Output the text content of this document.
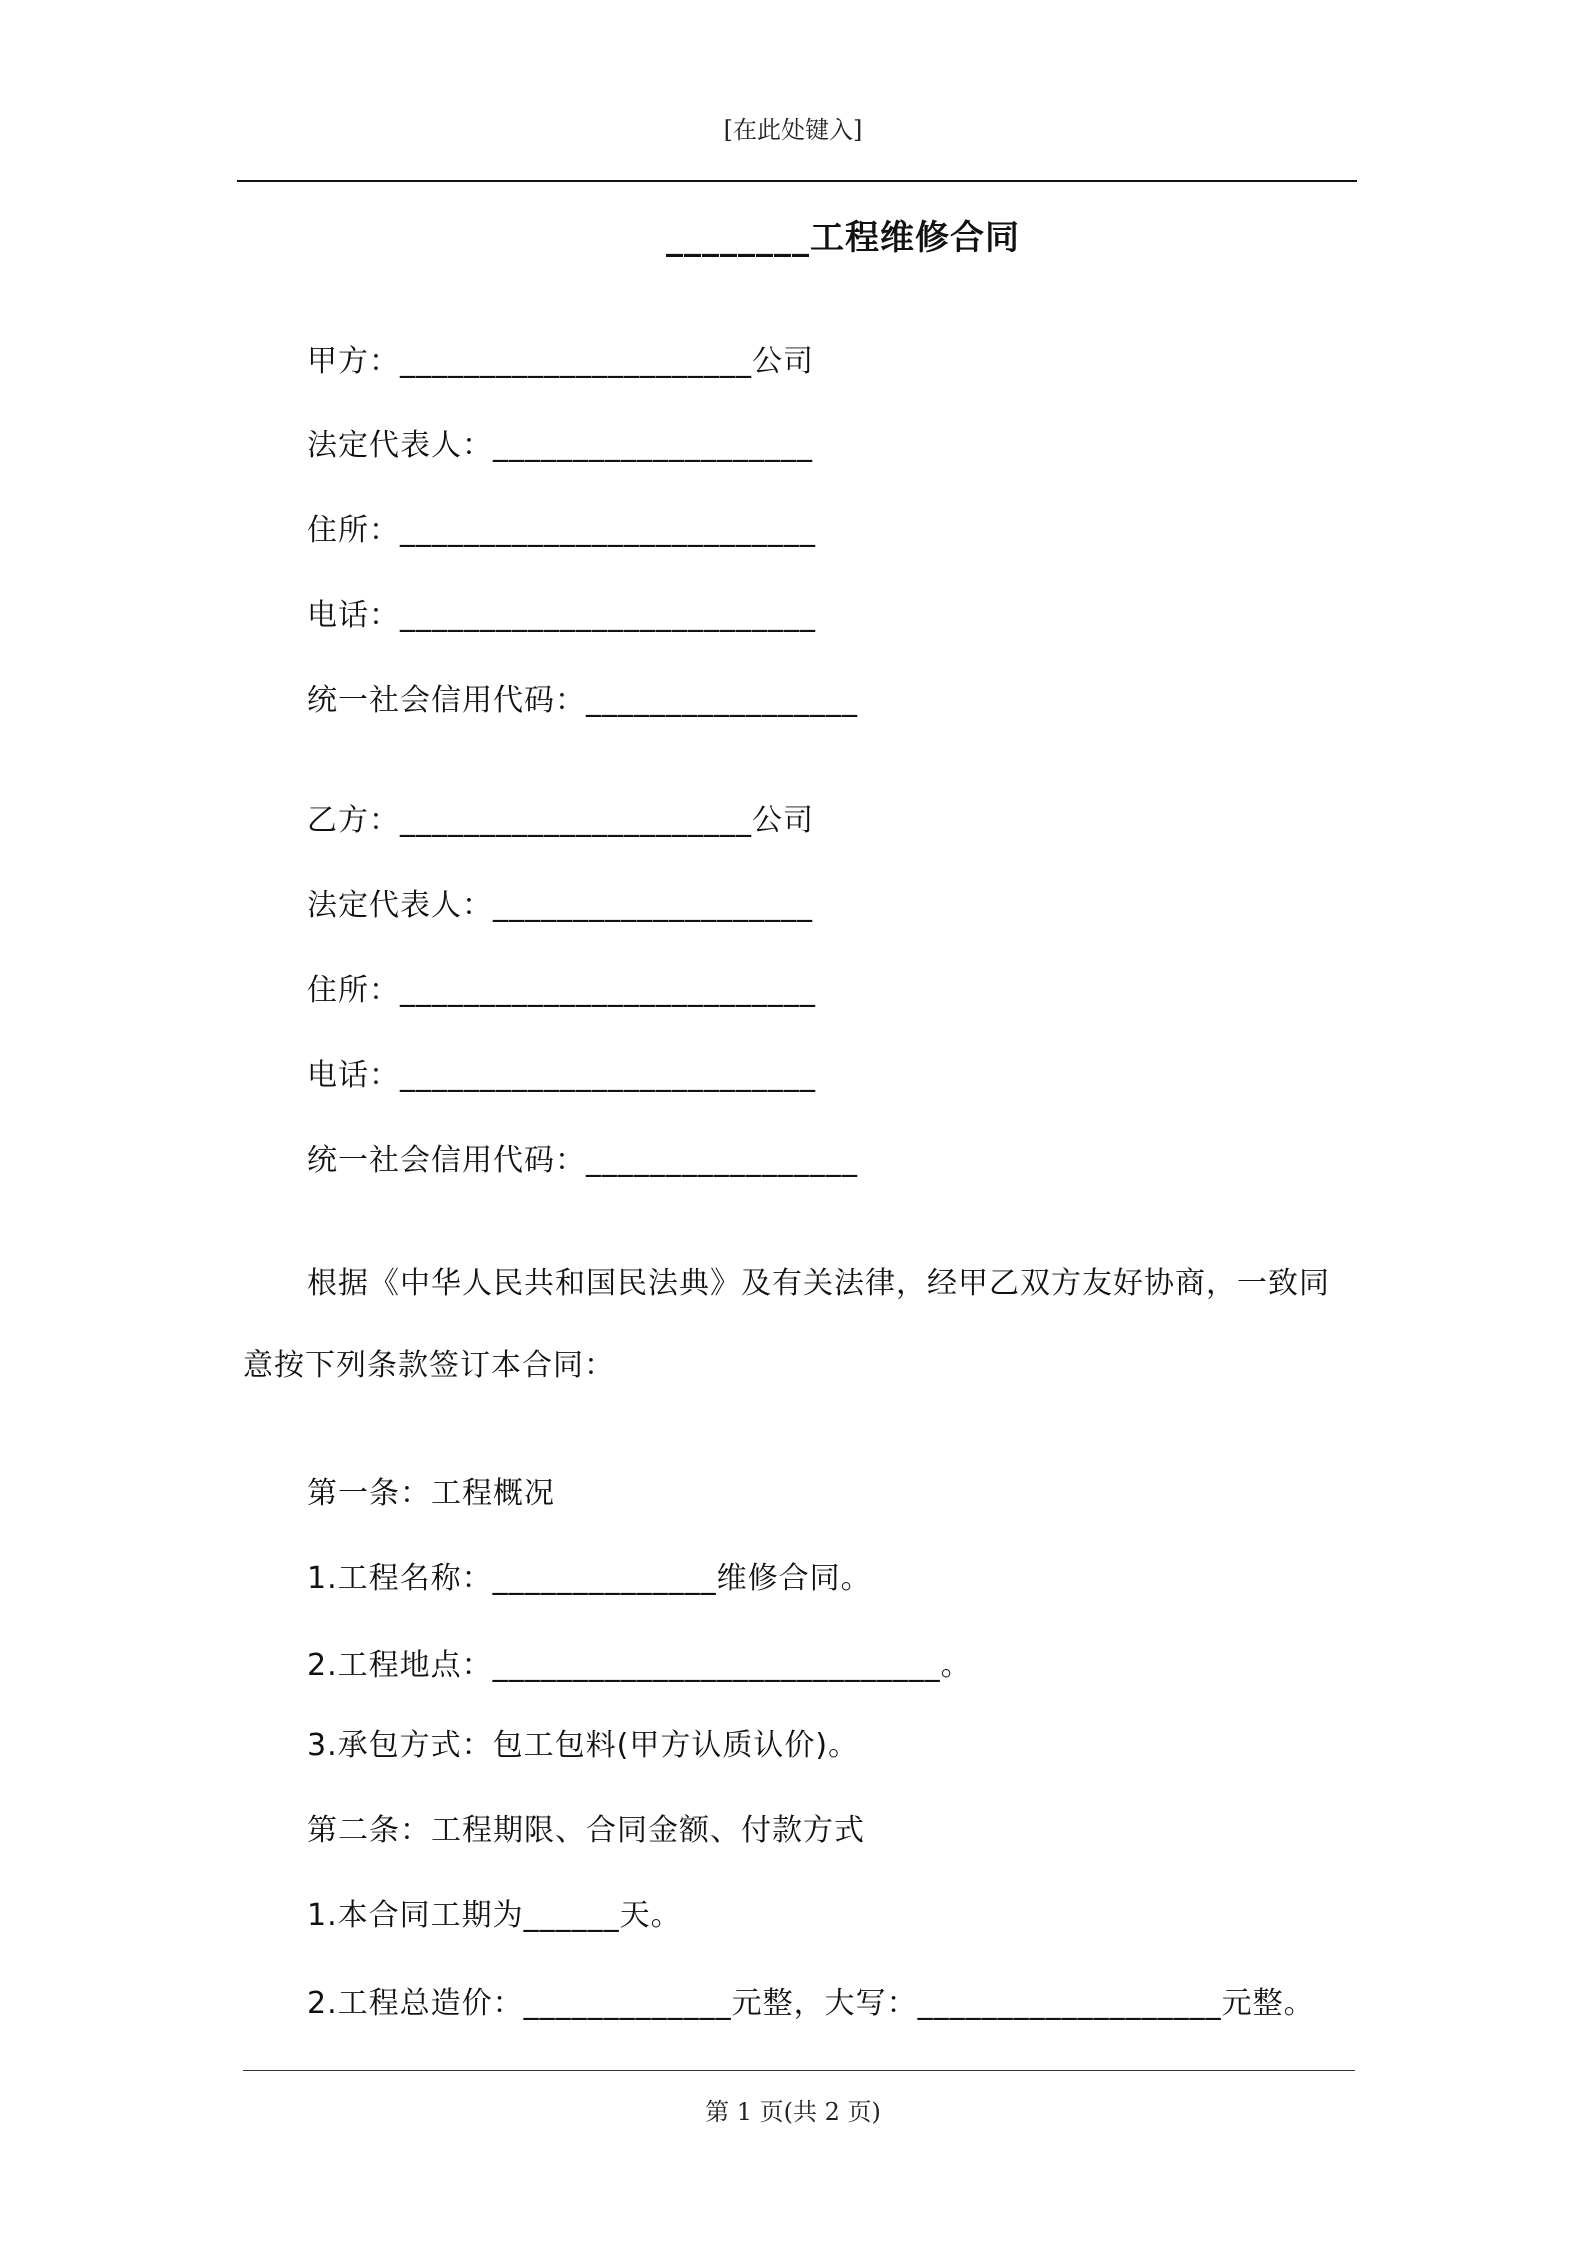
[在此处键入]
________工程维修合同
甲方：______________________公司
法定代表人：____________________
住所：__________________________
电话：__________________________
统一社会信用代码：_________________
乙方：______________________公司
法定代表人：____________________
住所：__________________________
电话：__________________________
统一社会信用代码：_________________
根据《中华人民共和国民法典》及有关法律，经甲乙双方友好协商，一致同
意按下列条款签订本合同：
第一条：工程概况
1.工程名称：______________维修合同。
2.工程地点：____________________________。
3.承包方式：包工包料(甲方认质认价)。
第二条：工程期限、合同金额、付款方式
1.本合同工期为______天。
2.工程总造价：_____________元整，大写：___________________元整。
第 1 页(共 2 页)
